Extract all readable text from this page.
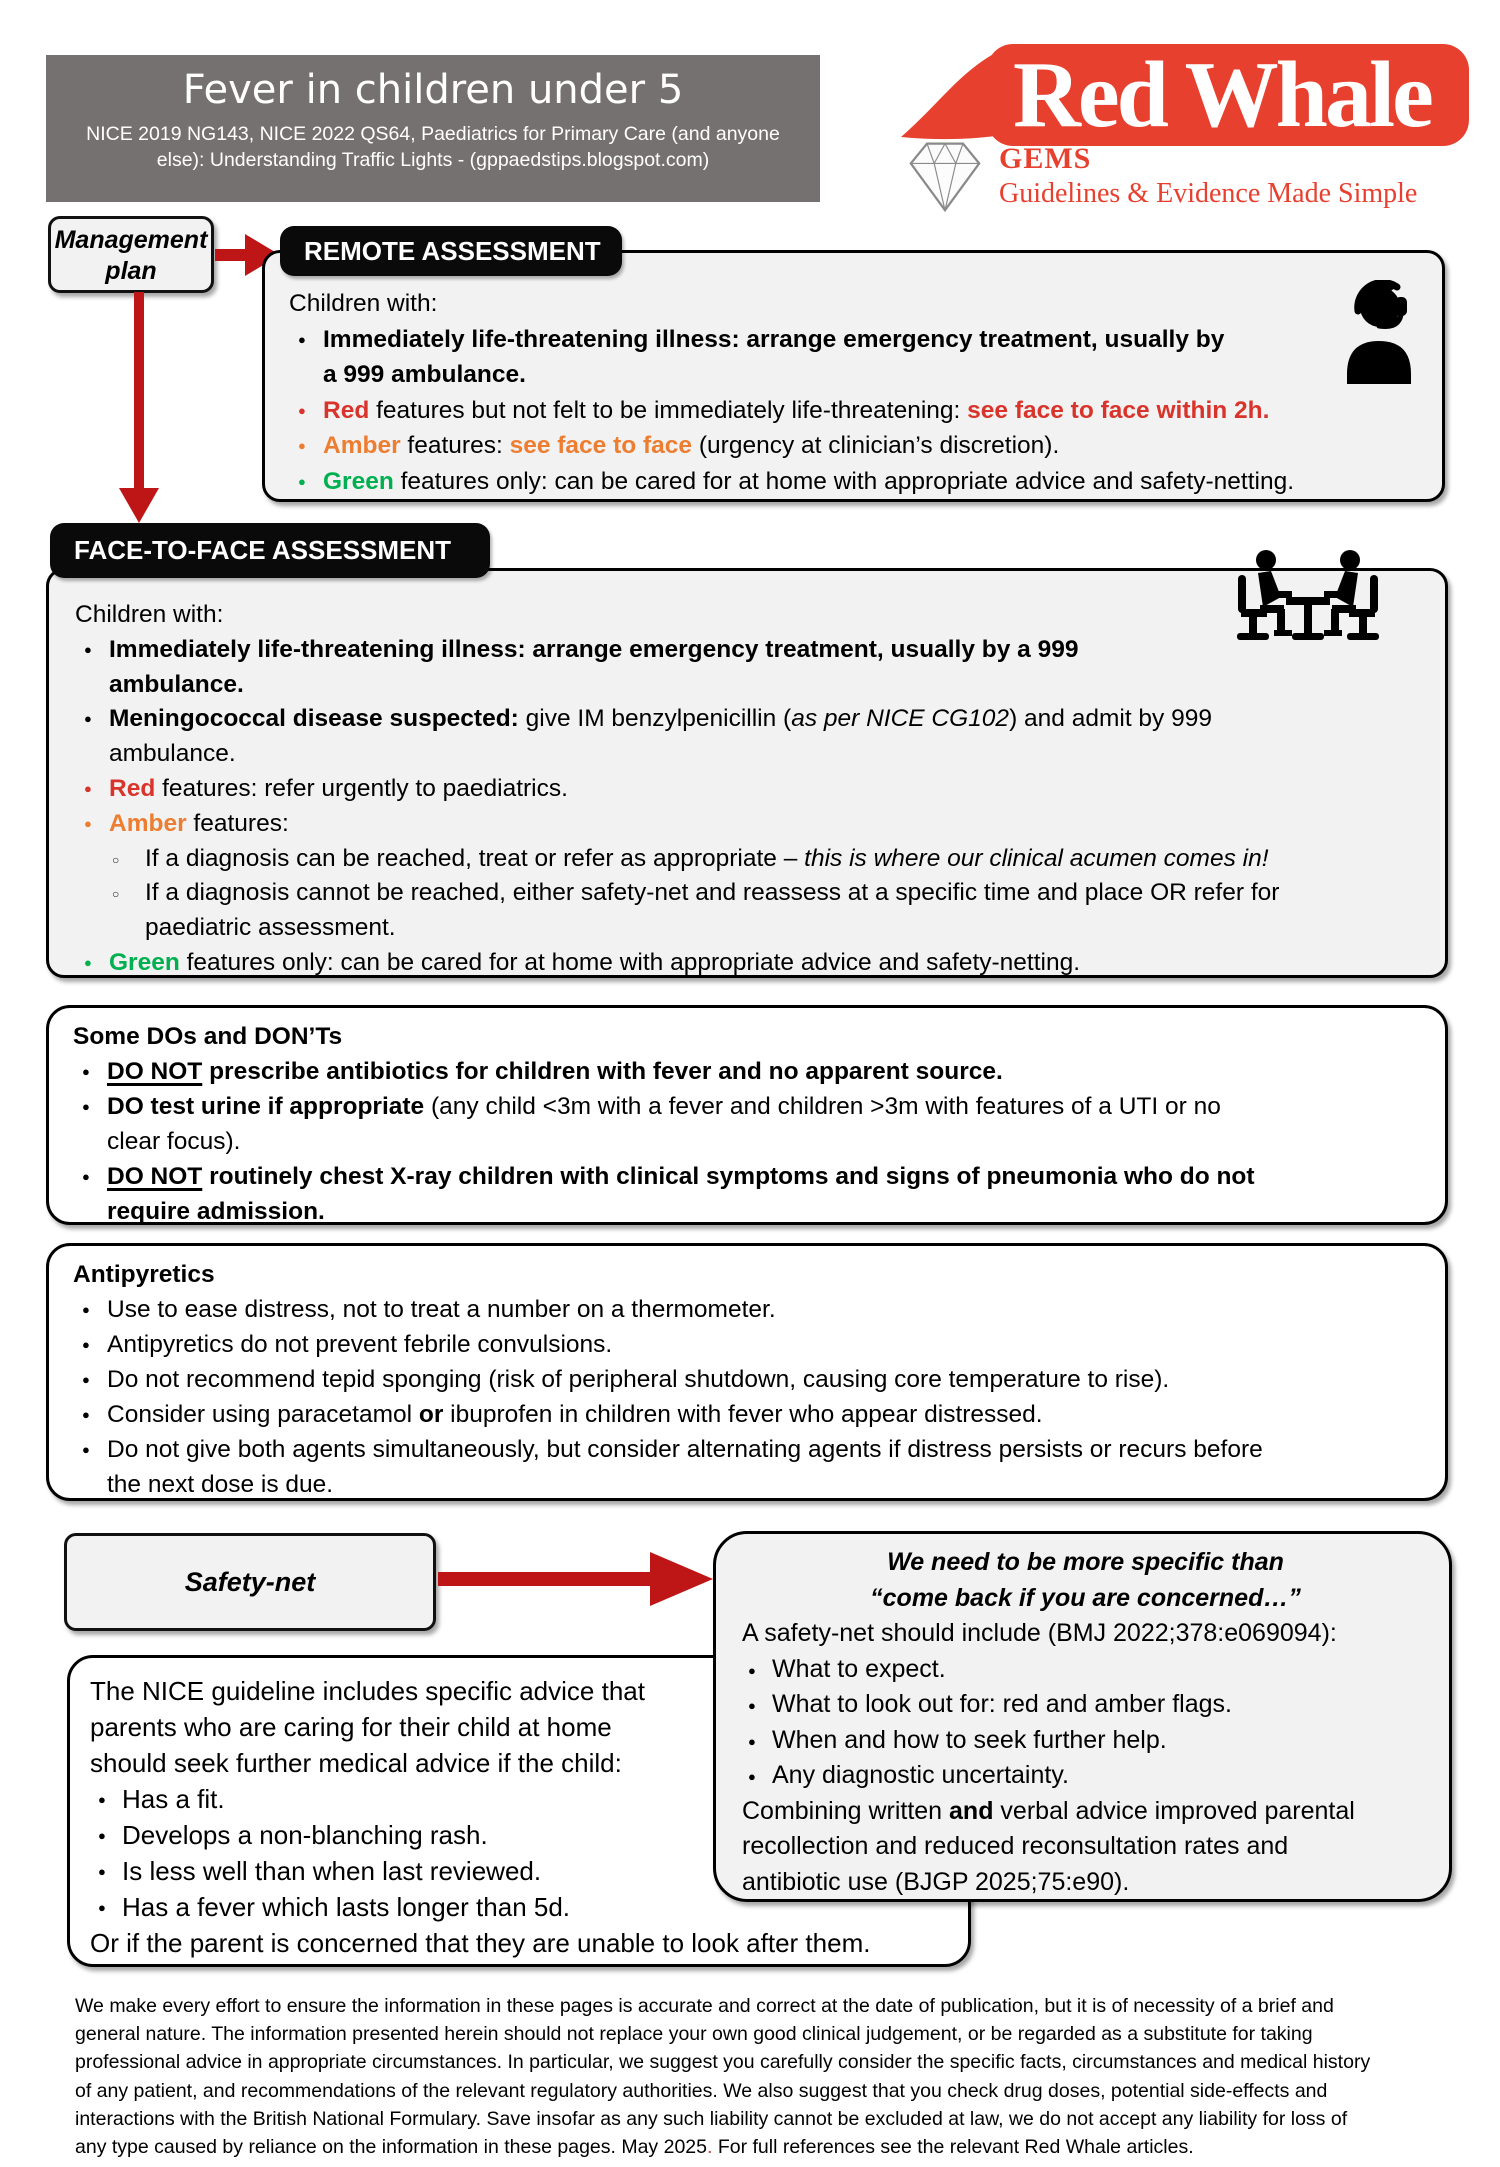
Fever in children under 5
NICE 2019 NG143, NICE 2022 QS64, Paediatrics for Primary Care (and anyone else): Understanding Traffic Lights - (gppaedstips.blogspot.com)
Red Whale
GEMS
Guidelines & Evidence Made Simple
Management plan
Children with:
● Immediately life-threatening illness: arrange emergency treatment, usually by
a 999 ambulance.
● Red features but not felt to be immediately life-threatening: see face to face within 2h.
● Amber features: see face to face (urgency at clinician’s discretion).
● Green features only: can be cared for at home with appropriate advice and safety-netting.
REMOTE ASSESSMENT
Children with:
● Immediately life-threatening illness: arrange emergency treatment, usually by a 999
ambulance.
● Meningococcal disease suspected: give IM benzylpenicillin (as per NICE CG102) and admit by 999
ambulance.
● Red features: refer urgently to paediatrics.
● Amber features:
○ If a diagnosis can be reached, treat or refer as appropriate – this is where our clinical acumen comes in!
○ If a diagnosis cannot be reached, either safety-net and reassess at a specific time and place OR refer for
paediatric assessment.
● Green features only: can be cared for at home with appropriate advice and safety-netting.
FACE-TO-FACE ASSESSMENT
Some DOs and DON’Ts
● DO NOT prescribe antibiotics for children with fever and no apparent source.
● DO test urine if appropriate (any child <3m with a fever and children >3m with features of a UTI or no
clear focus).
● DO NOT routinely chest X-ray children with clinical symptoms and signs of pneumonia who do not
require admission.
Antipyretics
● Use to ease distress, not to treat a number on a thermometer.
● Antipyretics do not prevent febrile convulsions.
● Do not recommend tepid sponging (risk of peripheral shutdown, causing core temperature to rise).
● Consider using paracetamol or ibuprofen in children with fever who appear distressed.
● Do not give both agents simultaneously, but consider alternating agents if distress persists or recurs before
the next dose is due.
Safety-net
The NICE guideline includes specific advice that
parents who are caring for their child at home
should seek further medical advice if the child:
● Has a fit.
● Develops a non-blanching rash.
● Is less well than when last reviewed.
● Has a fever which lasts longer than 5d.
Or if the parent is concerned that they are unable to look after them.
We need to be more specific than
“come back if you are concerned…”
A safety-net should include (BMJ 2022;378:e069094):
● What to expect.
● What to look out for: red and amber flags.
● When and how to seek further help.
● Any diagnostic uncertainty.
Combining written and verbal advice improved parental
recollection and reduced reconsultation rates and
antibiotic use (BJGP 2025;75:e90).
We make every effort to ensure the information in these pages is accurate and correct at the date of publication, but it is of necessity of a brief and
general nature. The information presented herein should not replace your own good clinical judgement, or be regarded as a substitute for taking
professional advice in appropriate circumstances. In particular, we suggest you carefully consider the specific facts, circumstances and medical history
of any patient, and recommendations of the relevant regulatory authorities. We also suggest that you check drug doses, potential side-effects and
interactions with the British National Formulary. Save insofar as any such liability cannot be excluded at law, we do not accept any liability for loss of
any type caused by reliance on the information in these pages. May 2025. For full references see the relevant Red Whale articles.
